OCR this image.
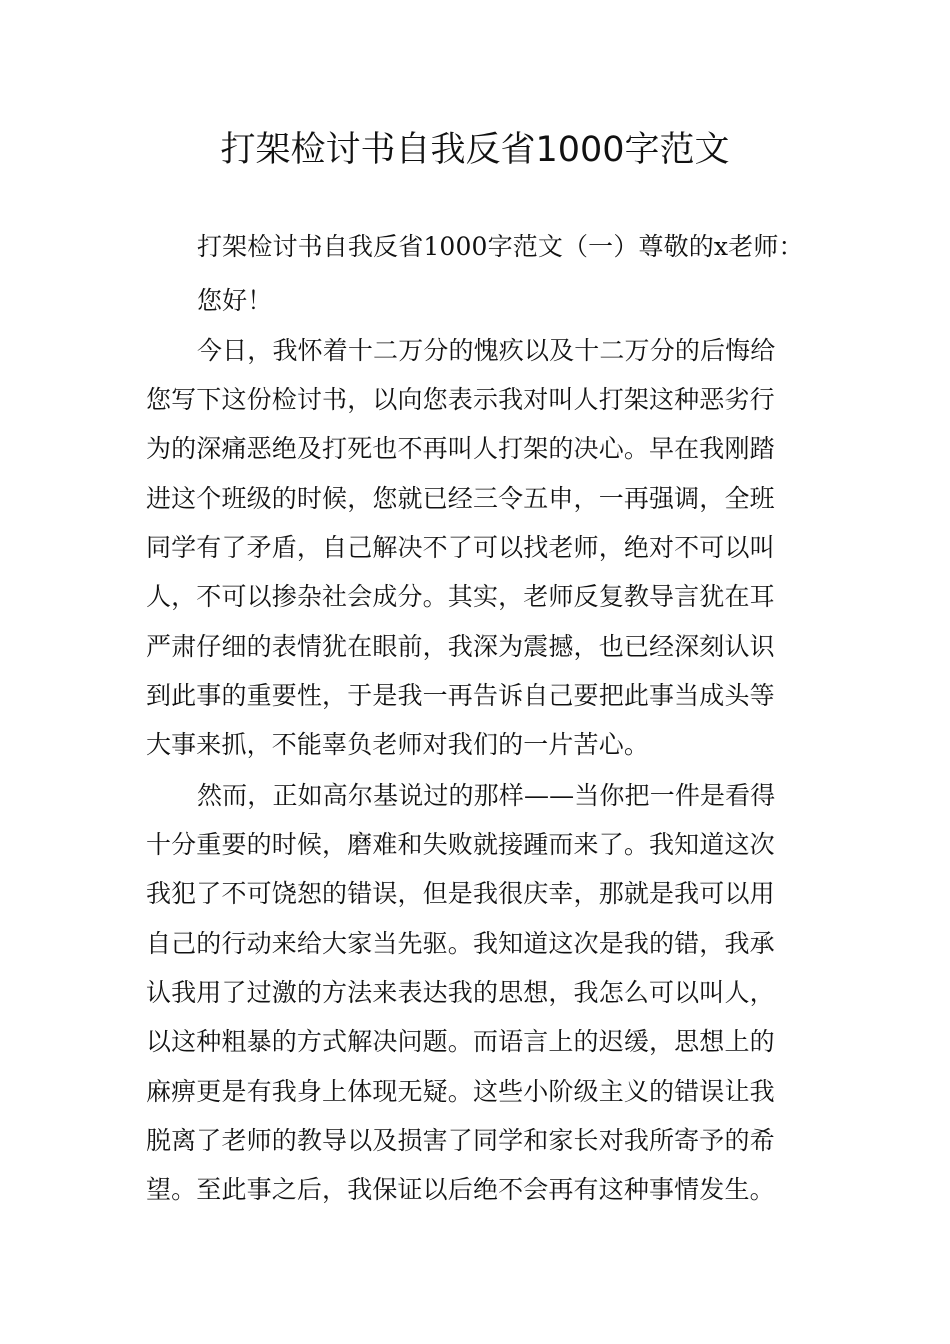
打架检讨书自我反省1000字范文
打架检讨书自我反省1000字范文（一）尊敬的x老师：
您好！
今日，我怀着十二万分的愧疚以及十二万分的后悔给
您写下这份检讨书，以向您表示我对叫人打架这种恶劣行
为的深痛恶绝及打死也不再叫人打架的决心。早在我刚踏
进这个班级的时候，您就已经三令五申，一再强调，全班
同学有了矛盾，自己解决不了可以找老师，绝对不可以叫
人，不可以掺杂社会成分。其实，老师反复教导言犹在耳
严肃仔细的表情犹在眼前，我深为震撼，也已经深刻认识
到此事的重要性，于是我一再告诉自己要把此事当成头等
大事来抓，不能辜负老师对我们的一片苦心。
然而，正如高尔基说过的那样——当你把一件是看得
十分重要的时候，磨难和失败就接踵而来了。我知道这次
我犯了不可饶恕的错误，但是我很庆幸，那就是我可以用
自己的行动来给大家当先驱。我知道这次是我的错，我承
认我用了过激的方法来表达我的思想，我怎么可以叫人，
以这种粗暴的方式解决问题。而语言上的迟缓，思想上的
麻痹更是有我身上体现无疑。这些小阶级主义的错误让我
脱离了老师的教导以及损害了同学和家长对我所寄予的希
望。至此事之后，我保证以后绝不会再有这种事情发生。
